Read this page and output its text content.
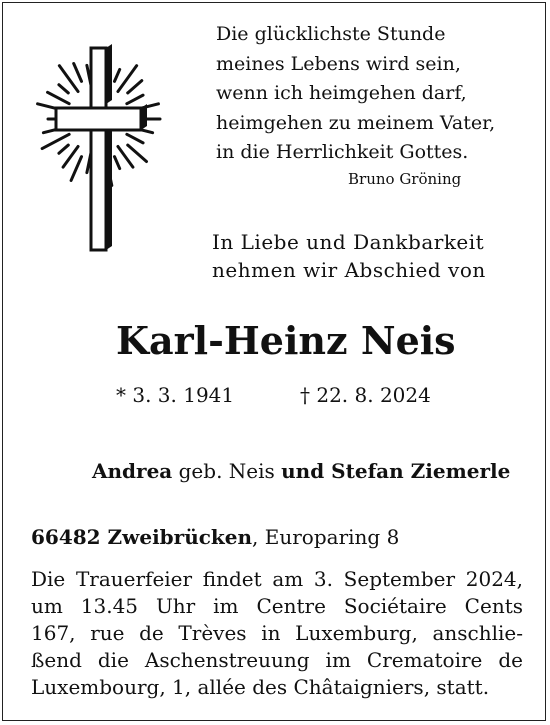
Die glücklichste Stunde
meines Lebens wird sein,
wenn ich heimgehen darf,
heimgehen zu meinem Vater,
in die Herrlichkeit Gottes.
Bruno Gröning
In Liebe und Dankbarkeit
nehmen wir Abschied von
Karl-Heinz Neis
* 3. 3. 1941	† 22. 8. 2024
Andrea geb. Neis und Stefan Ziemerle
66482 Zweibrücken, Europaring 8
Die Trauerfeier findet am 3. September 2024,
um 13.45 Uhr im Centre Sociétaire Cents
167, rue de Trèves in Luxemburg, anschlie-
ßend die Aschenstreuung im Crematoire de
Luxembourg, 1, allée des Châtaigniers, statt.
